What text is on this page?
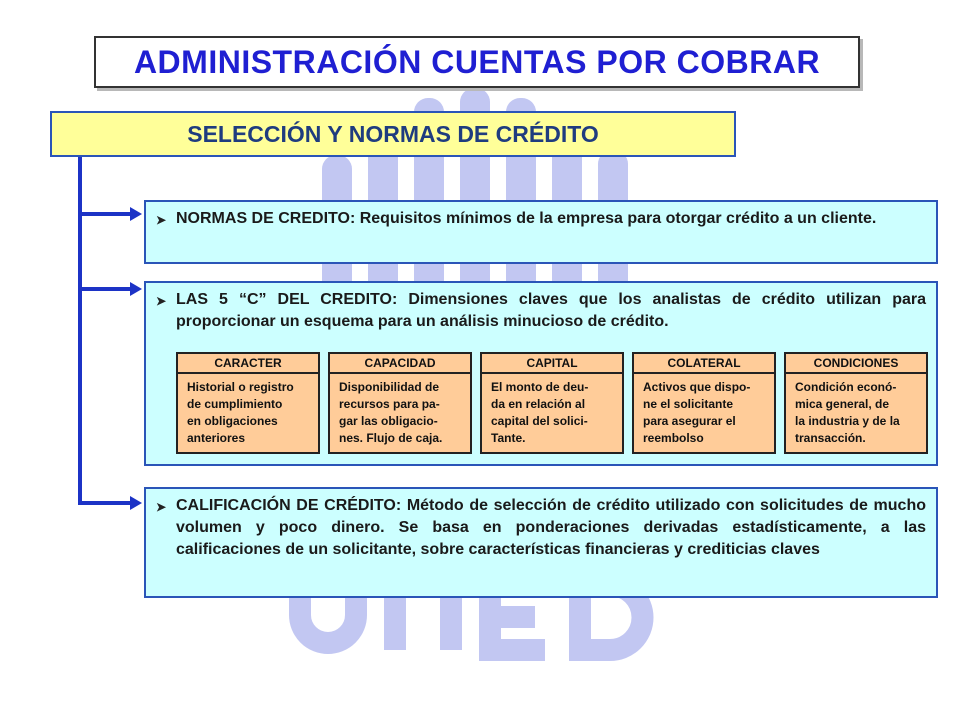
ADMINISTRACIÓN CUENTAS POR COBRAR
SELECCIÓN Y NORMAS DE CRÉDITO
➤ NORMAS DE CREDITO: Requisitos mínimos de la empresa para otorgar crédito a un cliente.
➤ LAS 5 “C” DEL CREDITO: Dimensiones claves que los analistas de crédito utilizan para proporcionar un esquema para un análisis minucioso de crédito.
CARACTER
Historial o registro
de cumplimiento
en obligaciones
anteriores
CAPACIDAD
Disponibilidad de
recursos para pa-
gar las obligacio-
nes. Flujo de caja.
CAPITAL
El monto de deu-
da en relación al
capital del solici-
Tante.
COLATERAL
Activos que dispo-
ne el solicitante
para asegurar el
reembolso
CONDICIONES
Condición econó-
mica general, de
la industria y de la
transacción.
➤ CALIFICACIÓN DE CRÉDITO: Método de selección de crédito utilizado con solicitudes de mucho volumen y poco dinero. Se basa en ponderaciones derivadas estadísticamente, a las calificaciones de un solicitante, sobre características financieras y crediticias claves
